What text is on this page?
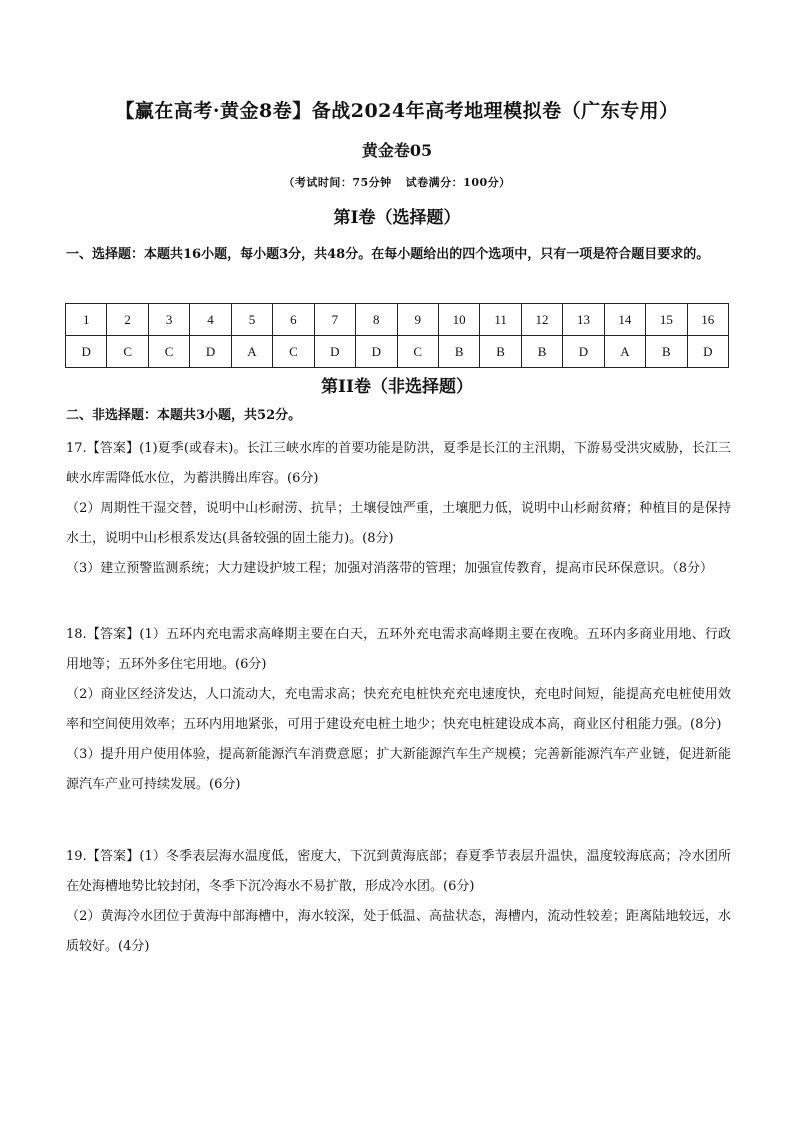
【赢在高考·黄金8卷】备战2024年高考地理模拟卷（广东专用）
黄金卷05
（考试时间：75分钟 试卷满分：100分）
第I卷（选择题）
一、选择题：本题共16小题，每小题3分，共48分。在每小题给出的四个选项中，只有一项是符合题目要求的。
1	2	3	4	5	6	7	8	9	10	11	12	13	14	15	16
D	C	C	D	A	C	D	D	C	B	B	B	D	A	B	D
第II卷（非选择题）
二、非选择题：本题共3小题，共52分。

17.【答案】(1)夏季(或春末)。长江三峡水库的首要功能是防洪，夏季是长江的主汛期，下游易受洪灾威胁，长江三峡水库需降低水位，为蓄洪腾出库容。(6分)

（2）周期性干湿交替，说明中山杉耐涝、抗旱；土壤侵蚀严重，土壤肥力低，说明中山杉耐贫瘠；种植目的是保持水土，说明中山杉根系发达(具备较强的固土能力)。(8分)

（3）建立预警监测系统；大力建设护坡工程；加强对消落带的管理；加强宣传教育，提高市民环保意识。（8分）

18.【答案】(1）五环内充电需求高峰期主要在白天，五环外充电需求高峰期主要在夜晚。五环内多商业用地、行政用地等；五环外多住宅用地。(6分)

（2）商业区经济发达，人口流动大，充电需求高；快充充电桩快充充电速度快，充电时间短，能提高充电桩使用效率和空间使用效率；五环内用地紧张，可用于建设充电桩土地少；快充电桩建设成本高，商业区付租能力强。(8分)

（3）提升用户使用体验，提高新能源汽车消费意愿；扩大新能源汽车生产规模；完善新能源汽车产业链，促进新能源汽车产业可持续发展。(6分)

19.【答案】(1）冬季表层海水温度低，密度大，下沉到黄海底部；春夏季节表层升温快，温度较海底高；冷水团所在处海槽地势比较封闭，冬季下沉冷海水不易扩散，形成冷水团。(6分)

（2）黄海冷水团位于黄海中部海槽中，海水较深，处于低温、高盐状态，海槽内，流动性较差；距离陆地较远，水质较好。(4分)
